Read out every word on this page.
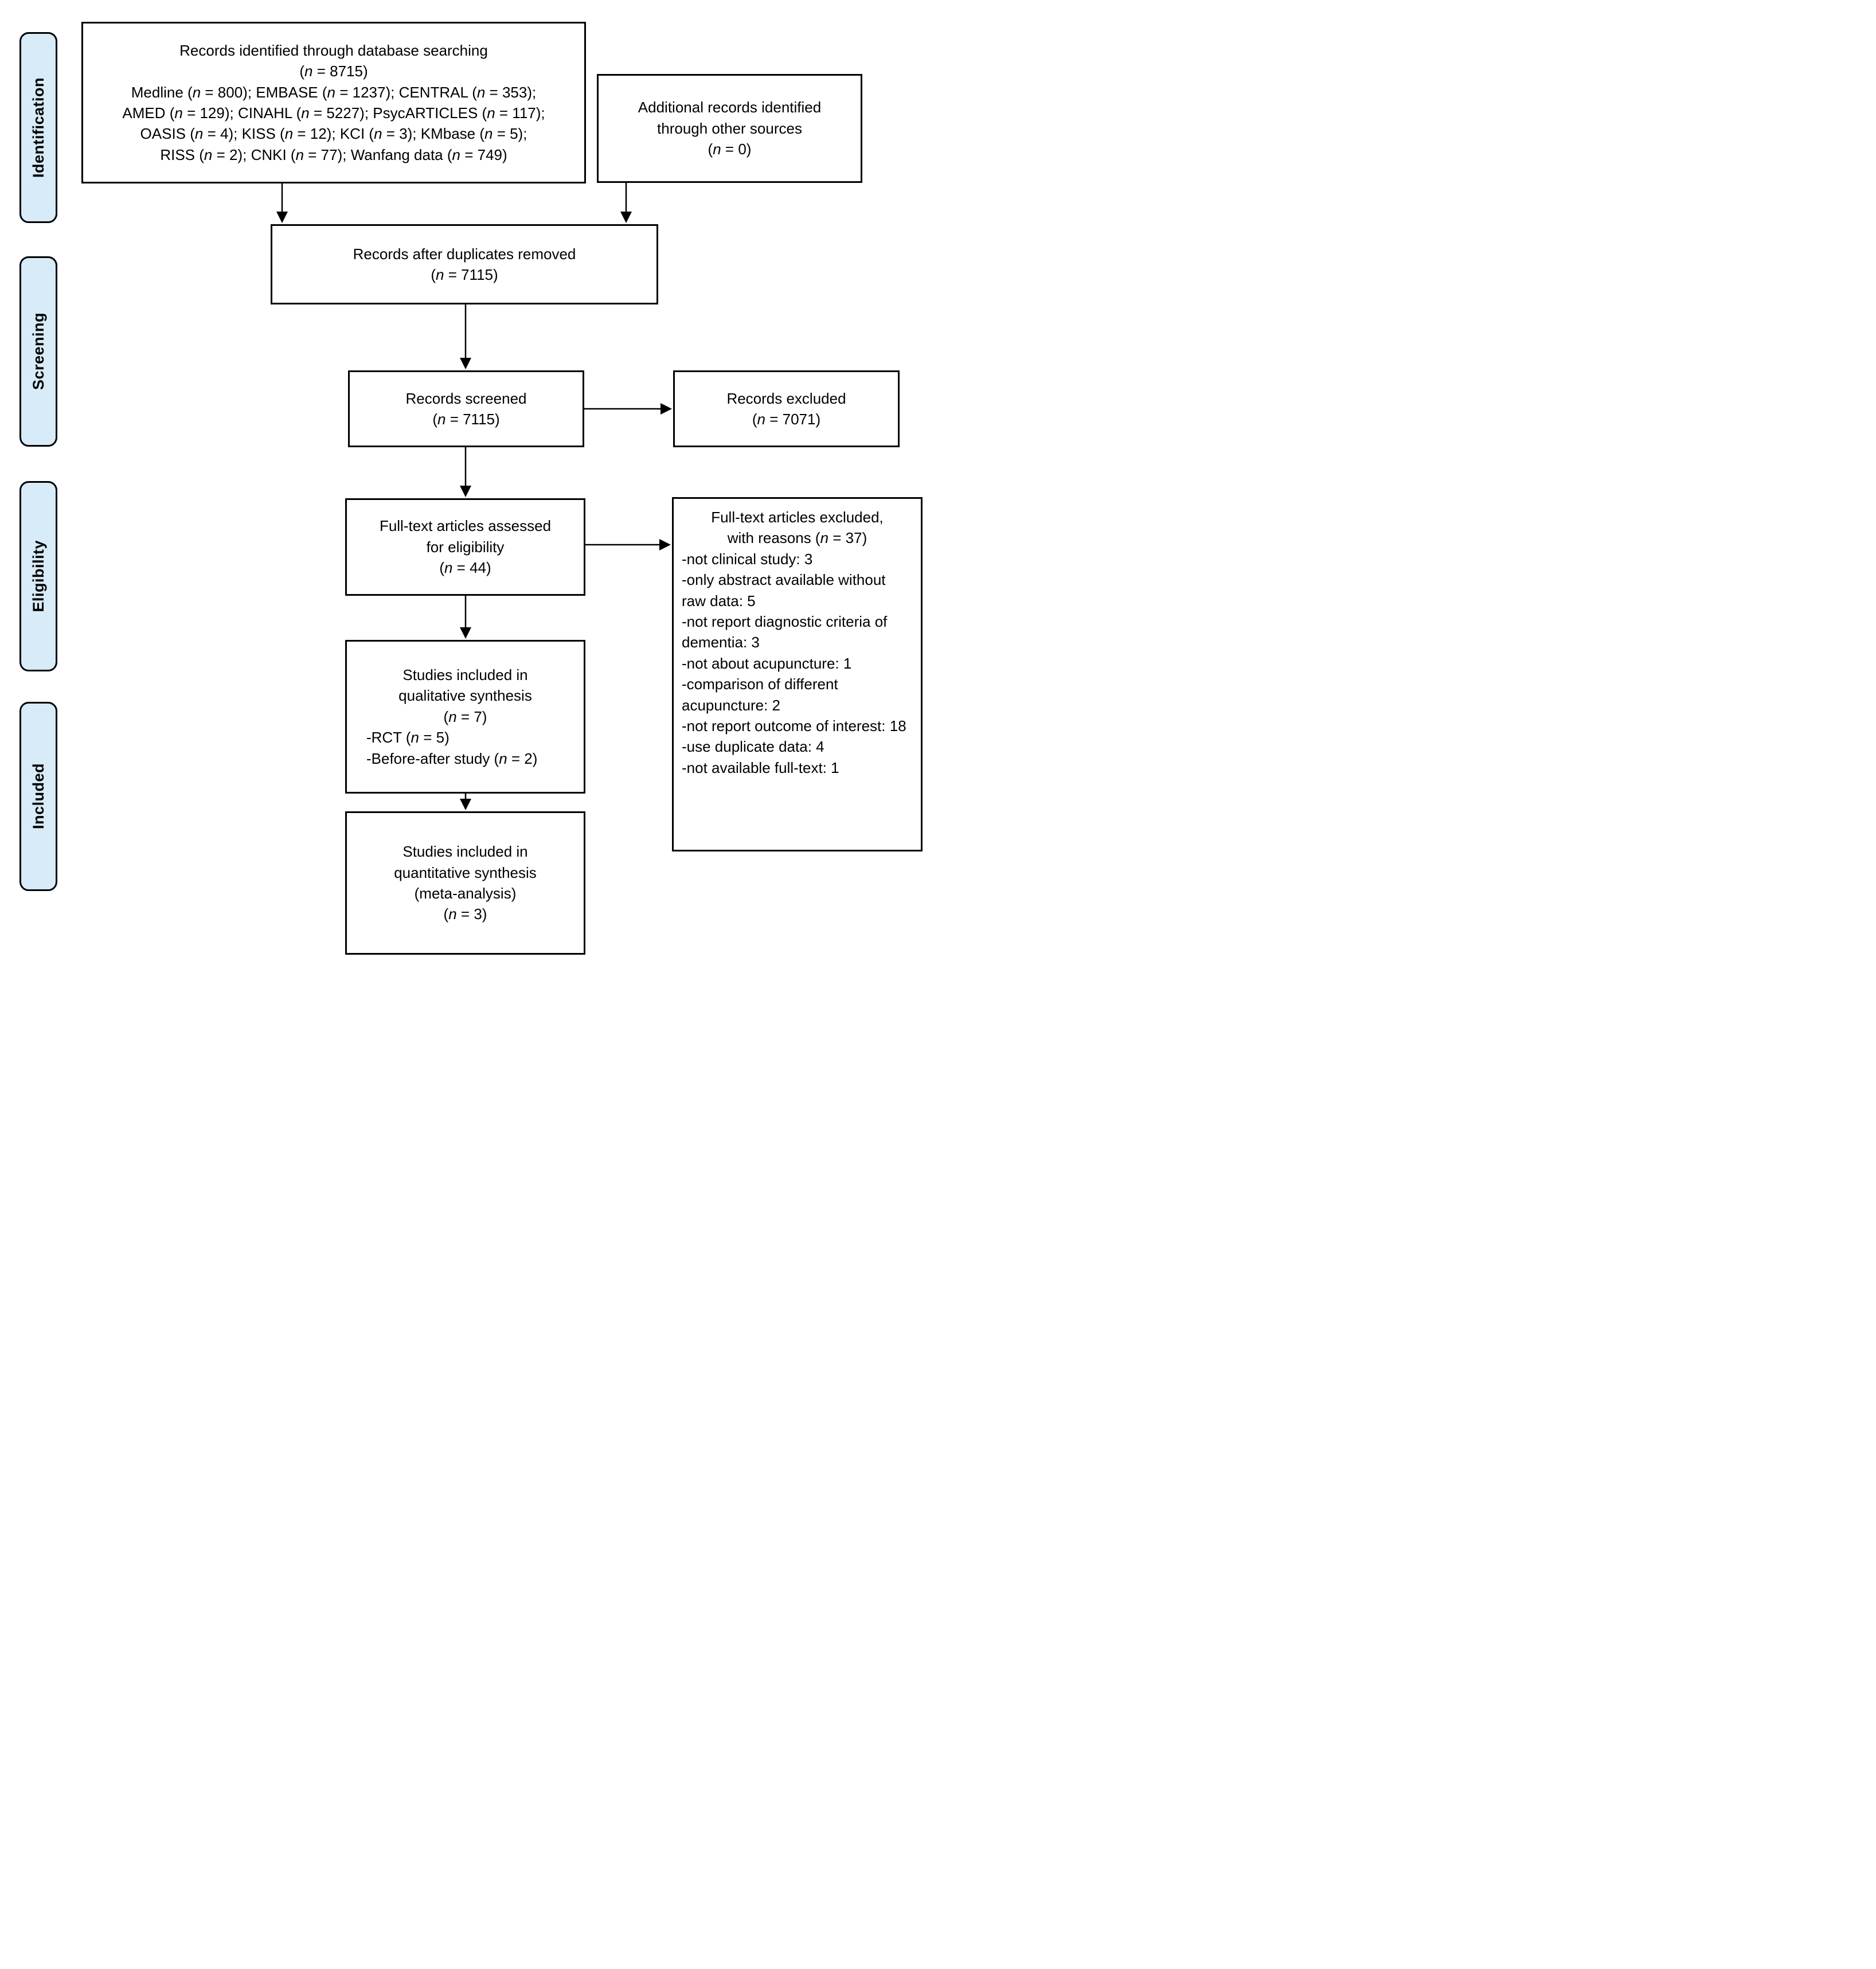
Identification
Screening
Eligibility
Included
Records identified through database searching
(n = 8715)
Medline (n = 800); EMBASE (n = 1237); CENTRAL (n = 353);
AMED (n = 129); CINAHL (n = 5227); PsycARTICLES (n = 117);
OASIS (n = 4); KISS (n = 12); KCI (n = 3); KMbase (n = 5);
RISS (n = 2); CNKI (n = 77); Wanfang data (n = 749)
Additional records identified
through other sources
(n = 0)
Records after duplicates removed
(n = 7115)
Records screened
(n = 7115)
Records excluded
(n = 7071)
Full-text articles assessed
for eligibility
(n = 44)
Full-text articles excluded,
with reasons (n = 37)
-not clinical study: 3
-only abstract available without raw data: 5
-not report diagnostic criteria of dementia: 3
-not about acupuncture: 1
-comparison of different acupuncture: 2
-not report outcome of interest: 18
-use duplicate data: 4
-not available full-text: 1
Studies included in
qualitative synthesis
(n = 7)
-RCT (n = 5)
-Before-after study (n = 2)
Studies included in
quantitative synthesis
(meta-analysis)
(n = 3)
